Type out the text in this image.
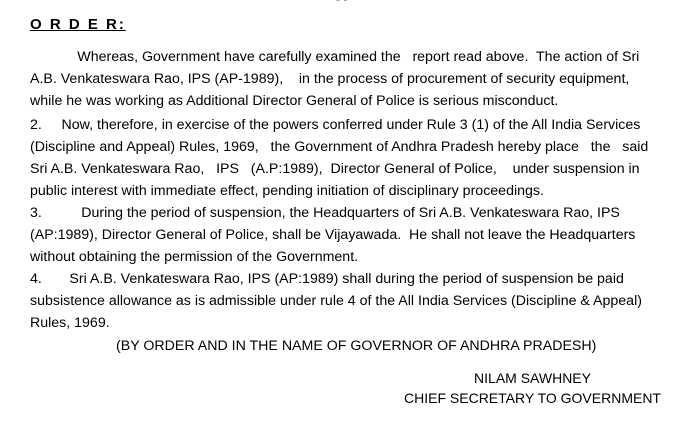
O R D E R:
Whereas, Government have carefully examined the   report read above.  The action of Sri
A.B. Venkateswara Rao, IPS (AP-1989),    in the process of procurement of security equipment,
while he was working as Additional Director General of Police is serious misconduct.
2.     Now, therefore, in exercise of the powers conferred under Rule 3 (1) of the All India Services
(Discipline and Appeal) Rules, 1969,   the Government of Andhra Pradesh hereby place   the   said
Sri A.B. Venkateswara Rao,   IPS   (A.P:1989),  Director General of Police,    under suspension in
public interest with immediate effect, pending initiation of disciplinary proceedings.
3.          During the period of suspension, the Headquarters of Sri A.B. Venkateswara Rao, IPS
(AP:1989), Director General of Police, shall be Vijayawada.  He shall not leave the Headquarters
without obtaining the permission of the Government.
4.       Sri A.B. Venkateswara Rao, IPS (AP:1989) shall during the period of suspension be paid
subsistence allowance as is admissible under rule 4 of the All India Services (Discipline & Appeal)
Rules, 1969.
(BY ORDER AND IN THE NAME OF GOVERNOR OF ANDHRA PRADESH)
NILAM SAWHNEY
CHIEF SECRETARY TO GOVERNMENT
